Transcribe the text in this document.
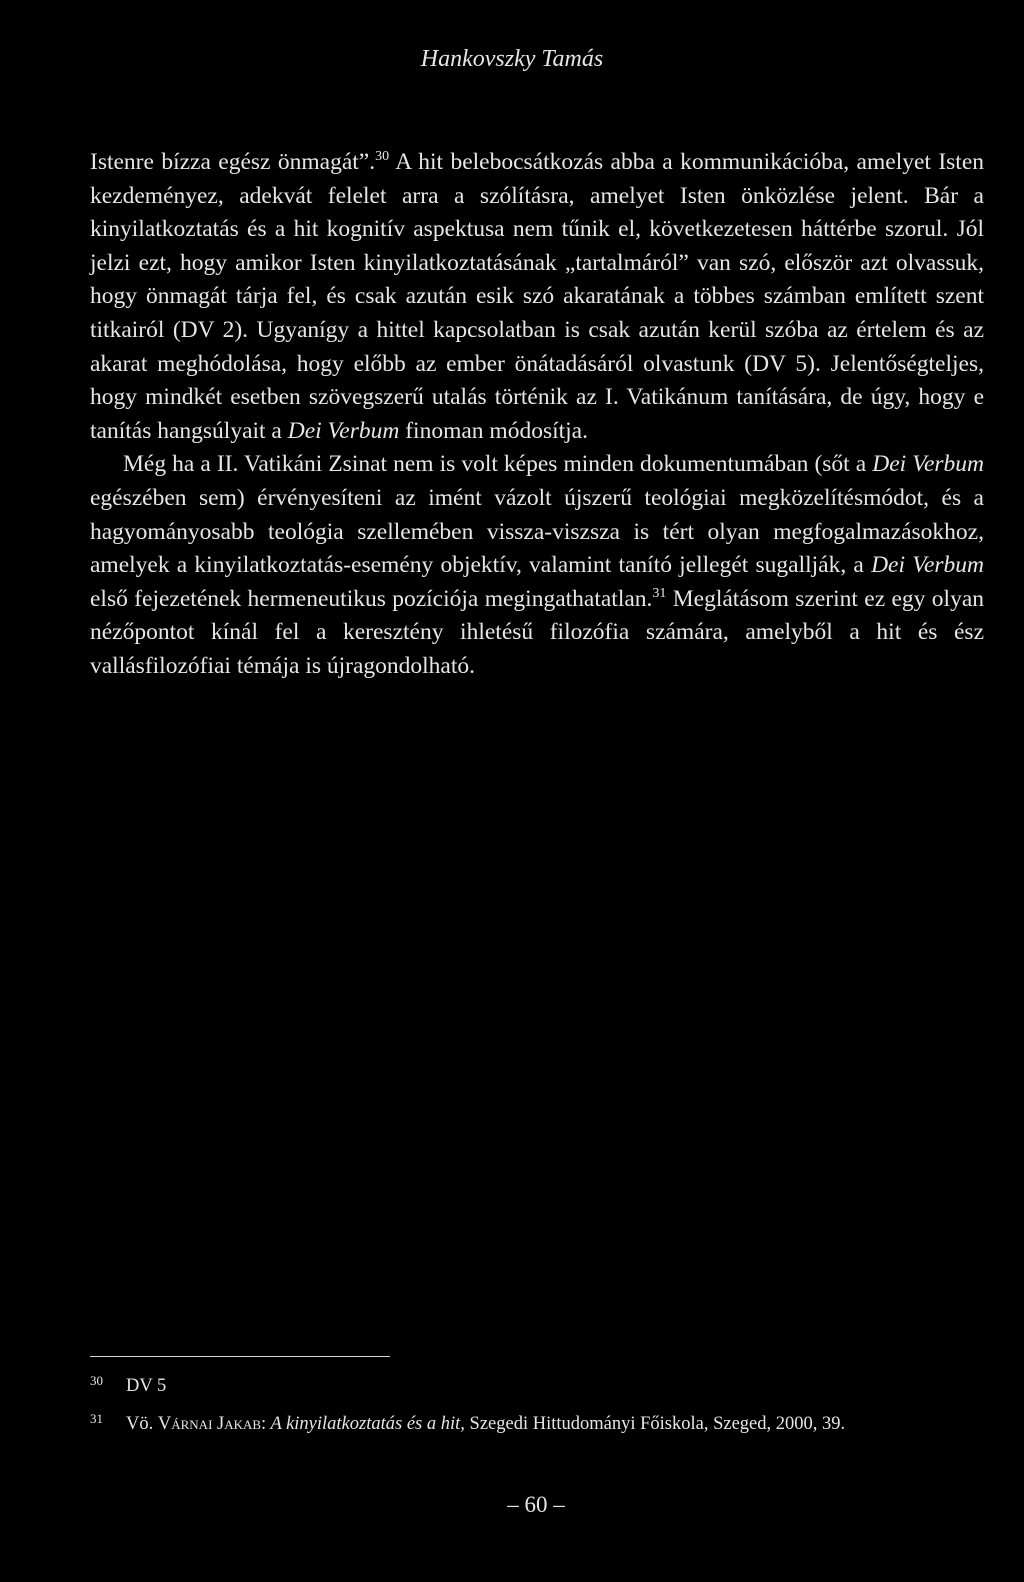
Hankovszky Tamás

Istenre bízza egész önmagát”.$^{30}$ A hit belebocsátkozás abba a kommunikációba, amelyet Isten kezdeményez, adekvát felelet arra a szólításra, amelyet Isten önközlése jelent. Bár a kinyilatkoztatás és a hit kognitív aspektusa nem tűnik el, következetesen háttérbe szorul. Jól jelzi ezt, hogy amikor Isten kinyilatkoztatásának „tartalmáról” van szó, először azt olvassuk, hogy önmagát tárja fel, és csak azután esik szó akaratának a többes számban említett szent titkairól (DV 2). Ugyanígy a hittel kapcsolatban is csak azután kerül szóba az értelem és az akarat meghódolása, hogy előbb az ember önátadásáról olvastunk (DV 5). Jelentőségteljes, hogy mindkét esetben szövegszerű utalás történik az I. Vatikánum tanítására, de úgy, hogy e tanítás hangsúlyait a Dei Verbum finoman módosítja.

Még ha a II. Vatikáni Zsinat nem is volt képes minden dokumentumában (sőt a Dei Verbum egészében sem) érvényesíteni az imént vázolt újszerű teológiai megközelítésmódot, és a hagyományosabb teológia szellemében vissza-viszsza is tért olyan megfogalmazásokhoz, amelyek a kinyilatkoztatás-esemény objektív, valamint tanító jellegét sugallják, a Dei Verbum első fejezetének hermeneutikus pozíciója megingathatatlan.$^{31}$ Meglátásom szerint ez egy olyan nézőpontot kínál fel a keresztény ihletésű filozófia számára, amelyből a hit és ész vallásfilozófiai témája is újragondolható.

30	DV 5
31	Vö. Várnai Jakab: A kinyilatkoztatás és a hit, Szegedi Hittudományi Főiskola, Szeged, 2000, 39.
– 60 –
